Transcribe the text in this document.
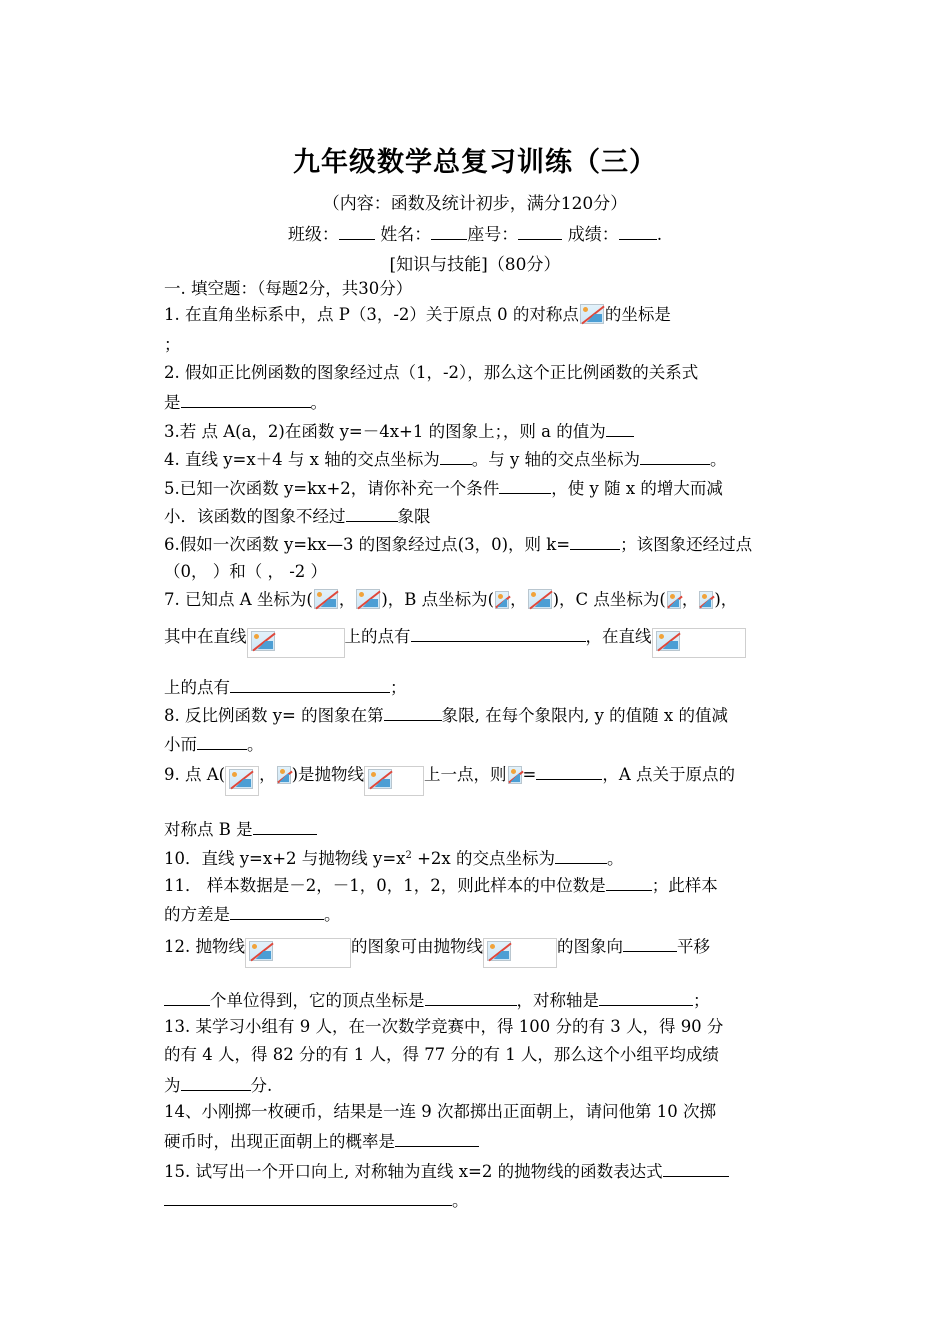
九年级数学总复习训练（三）
（内容：函数及统计初步，满分120分）
班级： 姓名： 座号：	成绩： .
[知识与技能]（80分）
一. 填空题：（每题2分，共30分）
1. 在直角坐标系中，点 P（3，-2）关于原点 0 的对称点 的坐标是
；
2. 假如正比例函数的图象经过点（1，-2），那么这个正比例函数的关系式
是	。
3.若 点 A(a，2)在函数 y=－4x+1 的图象上；，则 a 的值为
4. 直线 y=x＋4 与 x 轴的交点坐标为 。与 y 轴的交点坐标为	。
5.已知一次函数 y=kx+2，请你补充一个条件	，使 y 随 x 的增大而减
小．该函数的图象不经过	象限
6.假如一次函数 y=kx—3 的图象经过点(3，0)，则 k=	；该图象还经过点
（0， ）和（ ， -2 ）
7. 已知点 A 坐标为( ， )，B 点坐标为( ， )，C 点坐标为( ， )，
其中在直线	上的点有	，在直线
上的点有	；
8. 反比例函数 y= 的图象在第	象限, 在每个象限内, y 的值随 x 的值减
小而	。
9. 点 A( ， )是抛物线	上一点，则 =	，A 点关于原点的
对称点 B 是
10．直线 y=x+2 与抛物线 $y=x^2 +2x$ 的交点坐标为	。
11． 样本数据是－2，－1，0，1，2，则此样本的中位数是	；此样本
的方差是	。
12. 抛物线	的图象可由抛物线	的图象向	平移
个单位得到，它的顶点坐标是	，对称轴是	；
13. 某学习小组有 9 人，在一次数学竞赛中，得 100 分的有 3 人，得 90 分
的有 4 人，得 82 分的有 1 人，得 77 分的有 1 人，那么这个小组平均成绩
为	分.
14、小刚掷一枚硬币，结果是一连 9 次都掷出正面朝上，请问他第 10 次掷
硬币时，出现正面朝上的概率是
15. 试写出一个开口向上, 对称轴为直线 x=2 的抛物线的函数表达式
。
